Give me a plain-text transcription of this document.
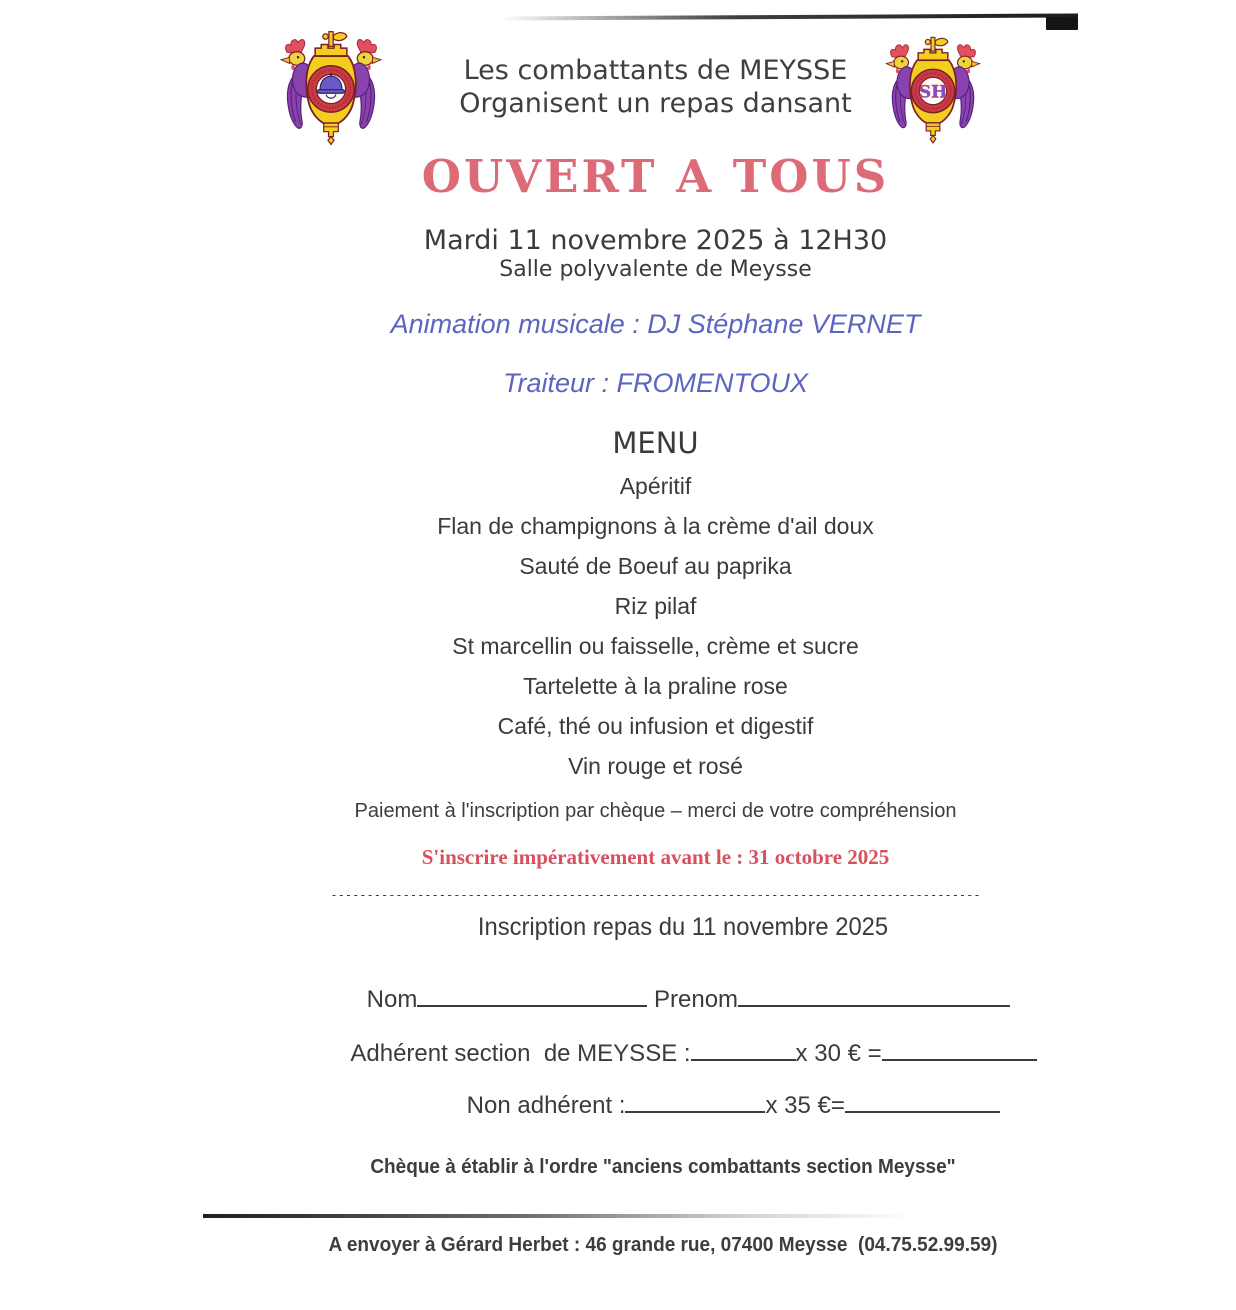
SH
Les combattants de MEYSSE
Organisent un repas dansant
OUVERT A TOUS
Mardi 11 novembre 2025 à 12H30
Salle polyvalente de Meysse
Animation musicale : DJ Stéphane VERNET
Traiteur : FROMENTOUX
MENU
Apéritif
Flan de champignons à la crème d'ail doux
Sauté de Boeuf au paprika
Riz pilaf
St marcellin ou faisselle, crème et sucre
Tartelette à la praline rose
Café, thé ou infusion et digestif
Vin rouge et rosé
Paiement à l'inscription par chèque – merci de votre compréhension
S'inscrire impérativement avant le : 31 octobre 2025
------------------------------------------------------------------------------------------
Inscription repas du 11 novembre 2025

Nom	Prenom

Adhérent section  de MEYSSE :	x 30 € =

Non adhérent :	x 35 €=

Chèque à établir à l'ordre "anciens combattants section Meysse"

A envoyer à Gérard Herbet : 46 grande rue, 07400 Meysse  (04.75.52.99.59)
